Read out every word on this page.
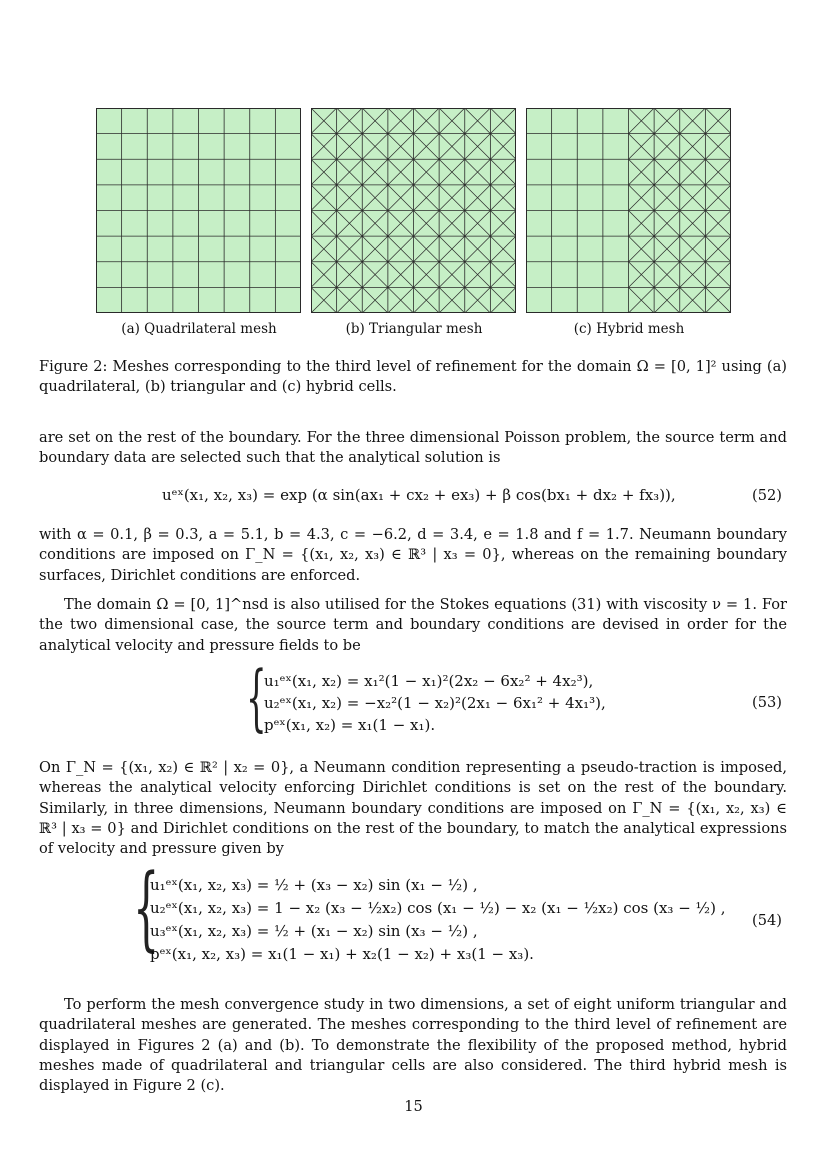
(a) Quadrilateral mesh	(b) Triangular mesh	(c) Hybrid mesh
Figure 2: Meshes corresponding to the third level of refinement for the domain Ω = [0, 1]² using (a) quadrilateral, (b) triangular and (c) hybrid cells.
are set on the rest of the boundary. For the three dimensional Poisson problem, the source term and boundary data are selected such that the analytical solution is
uᵉˣ(x₁, x₂, x₃) = exp (α sin(ax₁ + cx₂ + ex₃) + β cos(bx₁ + dx₂ + fx₃)),	(52)
with α = 0.1, β = 0.3, a = 5.1, b = 4.3, c = −6.2, d = 3.4, e = 1.8 and f = 1.7. Neumann boundary conditions are imposed on Γ_N = {(x₁, x₂, x₃) ∈ ℝ³ | x₃ = 0}, whereas on the remaining boundary surfaces, Dirichlet conditions are enforced.
The domain Ω = [0, 1]^nsd is also utilised for the Stokes equations (31) with viscosity ν = 1. For the two dimensional case, the source term and boundary conditions are devised in order for the analytical velocity and pressure fields to be
{
u₁ᵉˣ(x₁, x₂) = x₁²(1 − x₁)²(2x₂ − 6x₂² + 4x₂³),
u₂ᵉˣ(x₁, x₂) = −x₂²(1 − x₂)²(2x₁ − 6x₁² + 4x₁³),
pᵉˣ(x₁, x₂) = x₁(1 − x₁).
(53)
On Γ_N = {(x₁, x₂) ∈ ℝ² | x₂ = 0}, a Neumann condition representing a pseudo-traction is imposed, whereas the analytical velocity enforcing Dirichlet conditions is set on the rest of the boundary. Similarly, in three dimensions, Neumann boundary conditions are imposed on Γ_N = {(x₁, x₂, x₃) ∈ ℝ³ | x₃ = 0} and Dirichlet conditions on the rest of the boundary, to match the analytical expressions of velocity and pressure given by
{
u₁ᵉˣ(x₁, x₂, x₃) = ½ + (x₃ − x₂) sin (x₁ − ½) ,
u₂ᵉˣ(x₁, x₂, x₃) = 1 − x₂ (x₃ − ½x₂) cos (x₁ − ½) − x₂ (x₁ − ½x₂) cos (x₃ − ½) ,
u₃ᵉˣ(x₁, x₂, x₃) = ½ + (x₁ − x₂) sin (x₃ − ½) ,
pᵉˣ(x₁, x₂, x₃) = x₁(1 − x₁) + x₂(1 − x₂) + x₃(1 − x₃).
(54)
To perform the mesh convergence study in two dimensions, a set of eight uniform triangular and quadrilateral meshes are generated. The meshes corresponding to the third level of refinement are displayed in Figures 2 (a) and (b). To demonstrate the flexibility of the proposed method, hybrid meshes made of quadrilateral and triangular cells are also considered. The third hybrid mesh is displayed in Figure 2 (c).
15
